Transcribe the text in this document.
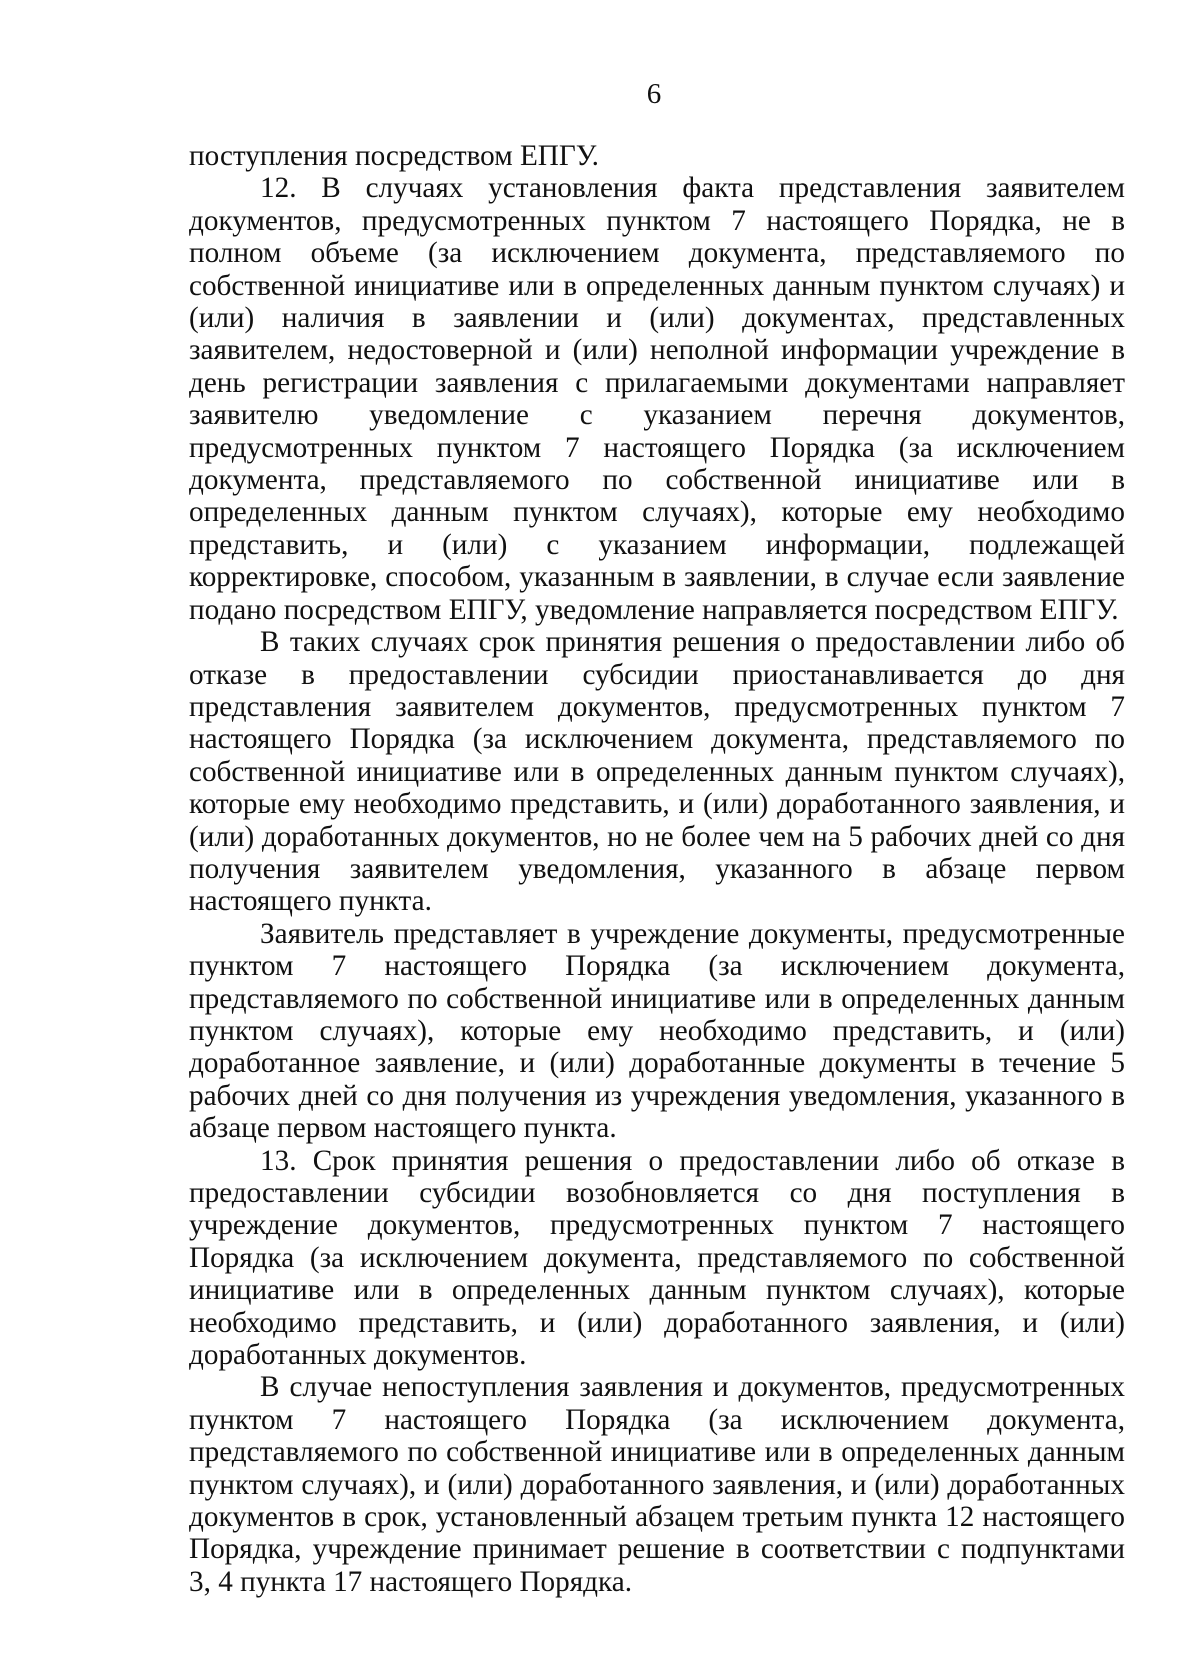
6

поступления посредством ЕПГУ.

12. В случаях установления факта представления заявителем документов, предусмотренных пунктом 7 настоящего Порядка, не в полном объеме (за исключением документа, представляемого по собственной инициативе или в определенных данным пунктом случаях) и (или) наличия в заявлении и (или) документах, представленных заявителем, недостоверной и (или) неполной информации учреждение в день регистрации заявления с прилагаемыми документами направляет заявителю уведомление с указанием перечня документов, предусмотренных пунктом 7 настоящего Порядка (за исключением документа, представляемого по собственной инициативе или в определенных данным пунктом случаях), которые ему необходимо представить, и (или) с указанием информации, подлежащей корректировке, способом, указанным в заявлении, в случае если заявление подано посредством ЕПГУ, уведомление направляется посредством ЕПГУ.

В таких случаях срок принятия решения о предоставлении либо об отказе в предоставлении субсидии приостанавливается до дня представления заявителем документов, предусмотренных пунктом 7 настоящего Порядка (за исключением документа, представляемого по собственной инициативе или в определенных данным пунктом случаях), которые ему необходимо представить, и (или) доработанного заявления, и (или) доработанных документов, но не более чем на 5 рабочих дней со дня получения заявителем уведомления, указанного в абзаце первом настоящего пункта.

Заявитель представляет в учреждение документы, предусмотренные пунктом 7 настоящего Порядка (за исключением документа, представляемого по собственной инициативе или в определенных данным пунктом случаях), которые ему необходимо представить, и (или) доработанное заявление, и (или) доработанные документы в течение 5 рабочих дней со дня получения из учреждения уведомления, указанного в абзаце первом настоящего пункта.

13. Срок принятия решения о предоставлении либо об отказе в предоставлении субсидии возобновляется со дня поступления в учреждение документов, предусмотренных пунктом 7 настоящего Порядка (за исключением документа, представляемого по собственной инициативе или в определенных данным пунктом случаях), которые необходимо представить, и (или) доработанного заявления, и (или) доработанных документов.

В случае непоступления заявления и документов, предусмотренных пунктом 7 настоящего Порядка (за исключением документа, представляемого по собственной инициативе или в определенных данным пунктом случаях), и (или) доработанного заявления, и (или) доработанных документов в срок, установленный абзацем третьим пункта 12 настоящего Порядка, учреждение принимает решение в соответствии с подпунктами 3, 4 пункта 17 настоящего Порядка.
